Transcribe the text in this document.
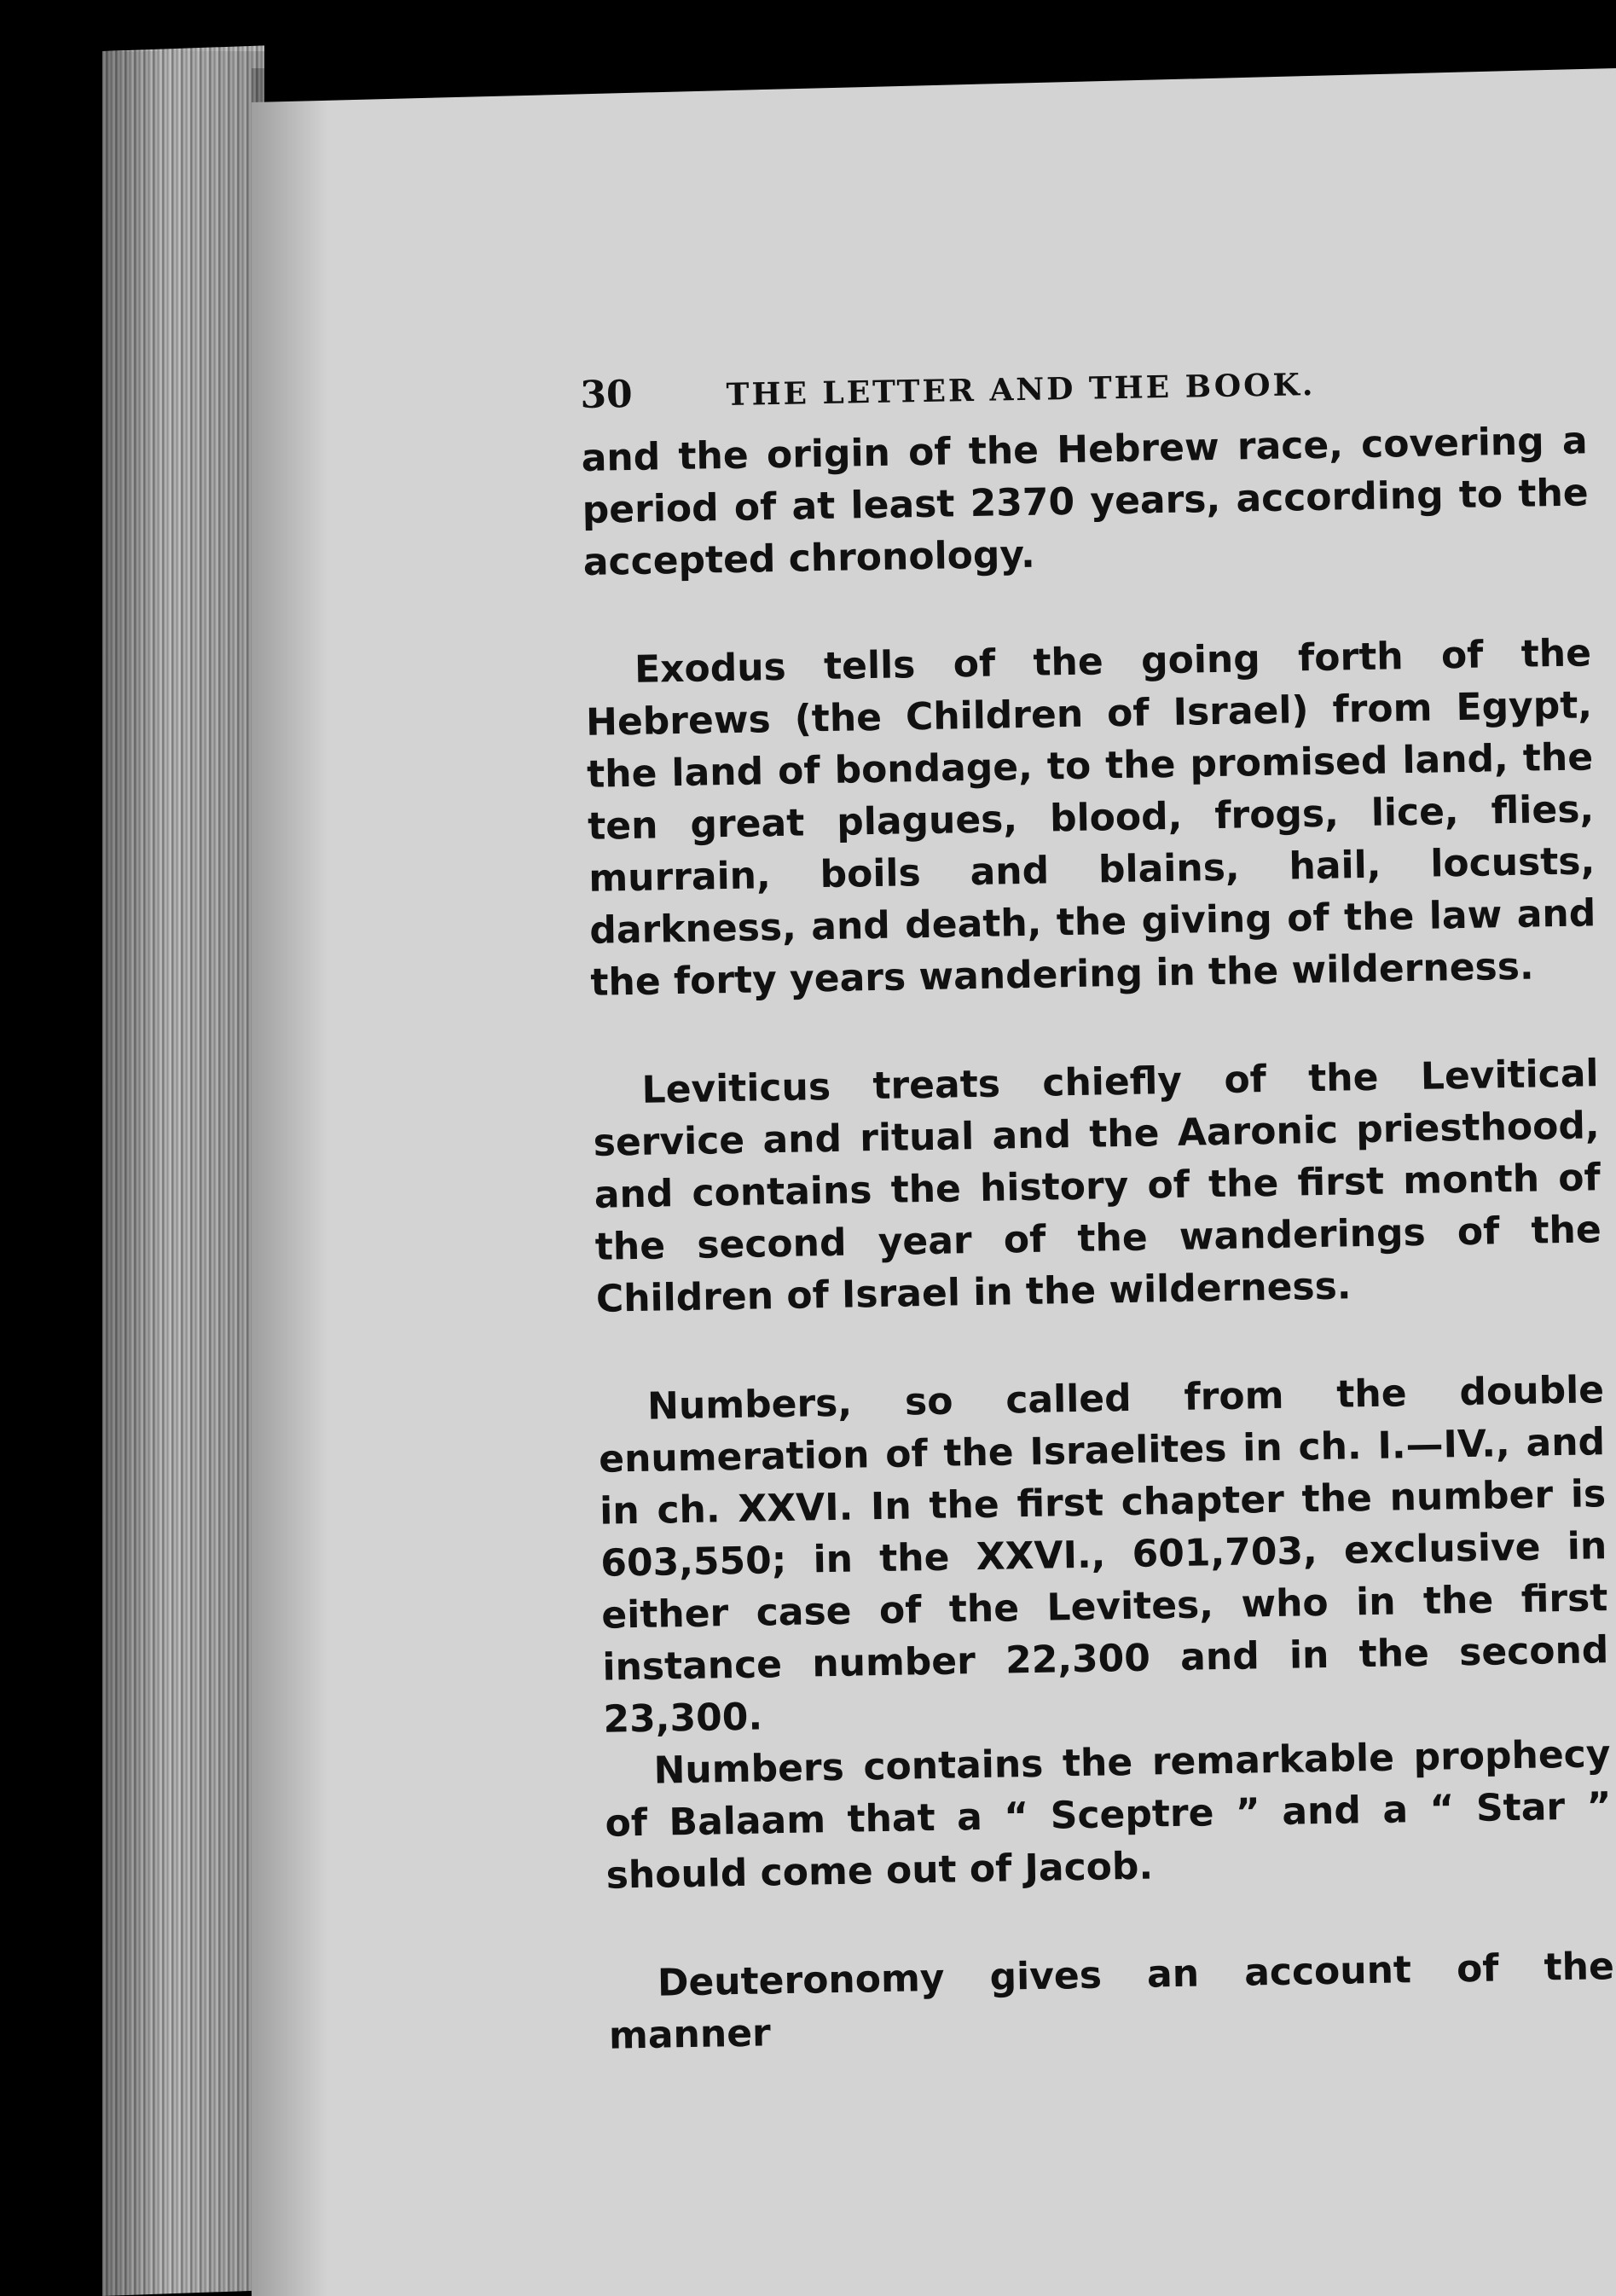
30	THE LETTER AND THE BOOK.

and the origin of the Hebrew race, covering a period of at least 2370 years, according to the accepted chronology.

Exodus tells of the going forth of the Hebrews (the Children of Israel) from Egypt, the land of bondage, to the promised land, the ten great plagues, blood, frogs, lice, flies, murrain, boils and blains, hail, locusts, darkness, and death, the giving of the law and the forty years wandering in the wilderness.

Leviticus treats chiefly of the Levitical service and ritual and the Aaronic priesthood, and contains the history of the first month of the second year of the wanderings of the Children of Israel in the wilderness.

Numbers, so called from the double enumeration of the Israelites in ch. I.—IV., and in ch. XXVI. In the first chapter the number is 603,550; in the XXVI., 601,703, exclusive in either case of the Levites, who in the first instance number 22,300 and in the second 23,300.

Numbers contains the remarkable prophecy of Balaam that a “ Sceptre ” and a “ Star ” should come out of Jacob.

Deuteronomy gives an account of the manner
